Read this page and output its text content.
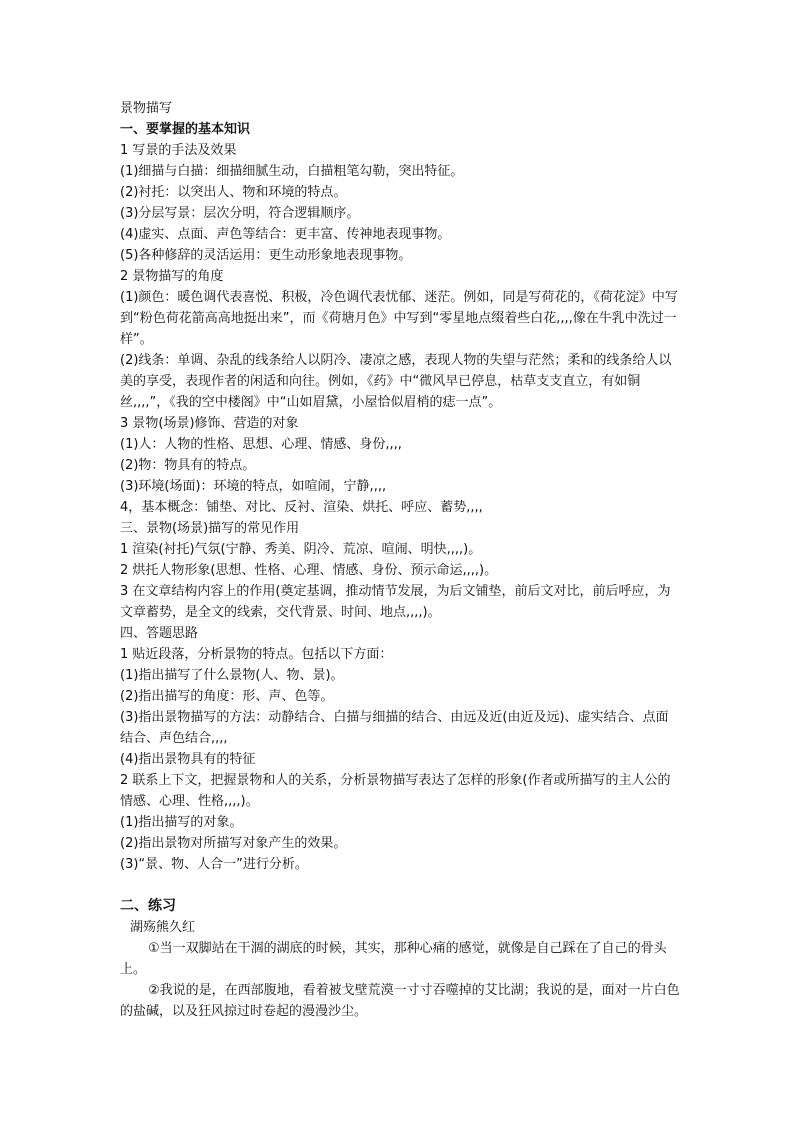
景物描写
一、要掌握的基本知识
1 写景的手法及效果
(1)细描与白描：细描细腻生动，白描粗笔勾勒，突出特征。
(2)衬托：以突出人、物和环境的特点。
(3)分层写景：层次分明，符合逻辑顺序。
(4)虚实、点面、声色等结合：更丰富、传神地表现事物。
(5)各种修辞的灵活运用：更生动形象地表现事物。
2 景物描写的角度
(1)颜色：暖色调代表喜悦、积极，冷色调代表忧郁、迷茫。例如，同是写荷花的，《荷花淀》中写到“粉色荷花箭高高地挺出来”，而《荷塘月色》中写到“零星地点缀着些白花,,,,像在牛乳中洗过一样”。
(2)线条：单调、杂乱的线条给人以阴冷、凄凉之感，表现人物的失望与茫然；柔和的线条给人以美的享受，表现作者的闲适和向往。例如，《药》中“微风早已停息，枯草支支直立，有如铜丝,,,,”，《我的空中楼阁》中“山如眉黛，小屋恰似眉梢的痣一点”。
3 景物(场景)修饰、营造的对象
(1)人：人物的性格、思想、心理、情感、身份,,,,
(2)物：物具有的特点。
(3)环境(场面)：环境的特点，如喧闹，宁静,,,,
4，基本概念：铺垫、对比、反衬、渲染、烘托、呼应、蓄势,,,,
三、景物(场景)描写的常见作用
1 渲染(衬托)气氛(宁静、秀美、阴冷、荒凉、喧闹、明快,,,,)。
2 烘托人物形象(思想、性格、心理、情感、身份、预示命运,,,,)。
3 在文章结构内容上的作用(奠定基调，推动情节发展，为后文铺垫，前后文对比，前后呼应，为文章蓄势，是全文的线索，交代背景、时间、地点,,,,)。
四、答题思路
1 贴近段落，分析景物的特点。包括以下方面：
(1)指出描写了什么景物(人、物、景)。
(2)指出描写的角度：形、声、色等。
(3)指出景物描写的方法：动静结合、白描与细描的结合、由远及近(由近及远)、虚实结合、点面结合、声色结合,,,,
(4)指出景物具有的特征
2 联系上下文，把握景物和人的关系，分析景物描写表达了怎样的形象(作者或所描写的主人公的情感、心理、性格,,,,)。
(1)指出描写的对象。
(2)指出景物对所描写对象产生的效果。
(3)“景、物、人合一”进行分析。
二、练习
湖殇熊久红
①当一双脚站在干涸的湖底的时候，其实，那种心痛的感觉，就像是自己踩在了自己的骨头上。
②我说的是，在西部腹地，看着被戈壁荒漠一寸寸吞噬掉的艾比湖；我说的是，面对一片白色的盐碱，以及狂风掠过时卷起的漫漫沙尘。
